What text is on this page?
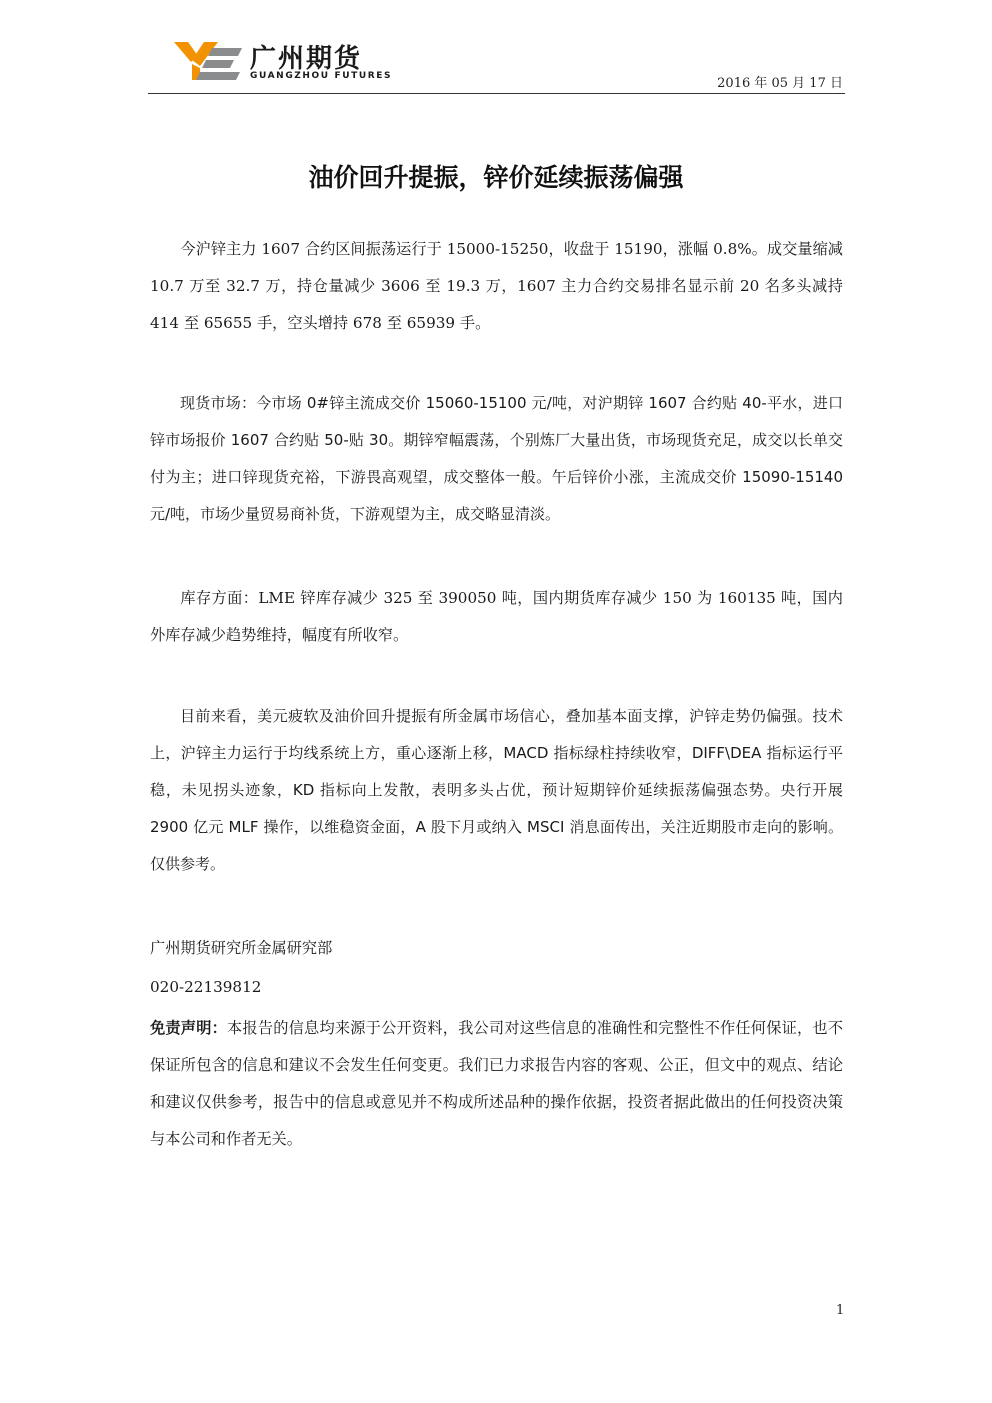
广州期货
GUANGZHOU FUTURES	2016 年 05 月 17 日
油价回升提振，锌价延续振荡偏强
今沪锌主力 1607 合约区间振荡运行于 15000-15250，收盘于 15190，涨幅 0.8%。成交量缩减 10.7 万至 32.7 万，持仓量减少 3606 至 19.3 万，1607 主力合约交易排名显示前 20 名多头减持 414 至 65655 手，空头增持 678 至 65939 手。
现货市场：今市场 0#锌主流成交价 15060-15100 元/吨，对沪期锌 1607 合约贴 40-平水，进口锌市场报价 1607 合约贴 50-贴 30。期锌窄幅震荡，个别炼厂大量出货，市场现货充足，成交以长单交付为主；进口锌现货充裕，下游畏高观望，成交整体一般。午后锌价小涨，主流成交价 15090-15140 元/吨，市场少量贸易商补货，下游观望为主，成交略显清淡。
库存方面：LME 锌库存减少 325 至 390050 吨，国内期货库存减少 150 为 160135 吨，国内外库存减少趋势维持，幅度有所收窄。
目前来看，美元疲软及油价回升提振有所金属市场信心，叠加基本面支撑，沪锌走势仍偏强。技术上，沪锌主力运行于均线系统上方，重心逐渐上移，MACD 指标绿柱持续收窄，DIFF\DEA 指标运行平稳，未见拐头迹象，KD 指标向上发散，表明多头占优，预计短期锌价延续振荡偏强态势。央行开展 2900 亿元 MLF 操作，以维稳资金面，A 股下月或纳入 MSCI 消息面传出，关注近期股市走向的影响。仅供参考。
广州期货研究所金属研究部
020-22139812
免责声明：本报告的信息均来源于公开资料，我公司对这些信息的准确性和完整性不作任何保证，也不保证所包含的信息和建议不会发生任何变更。我们已力求报告内容的客观、公正，但文中的观点、结论和建议仅供参考，报告中的信息或意见并不构成所述品种的操作依据，投资者据此做出的任何投资决策与本公司和作者无关。
1
